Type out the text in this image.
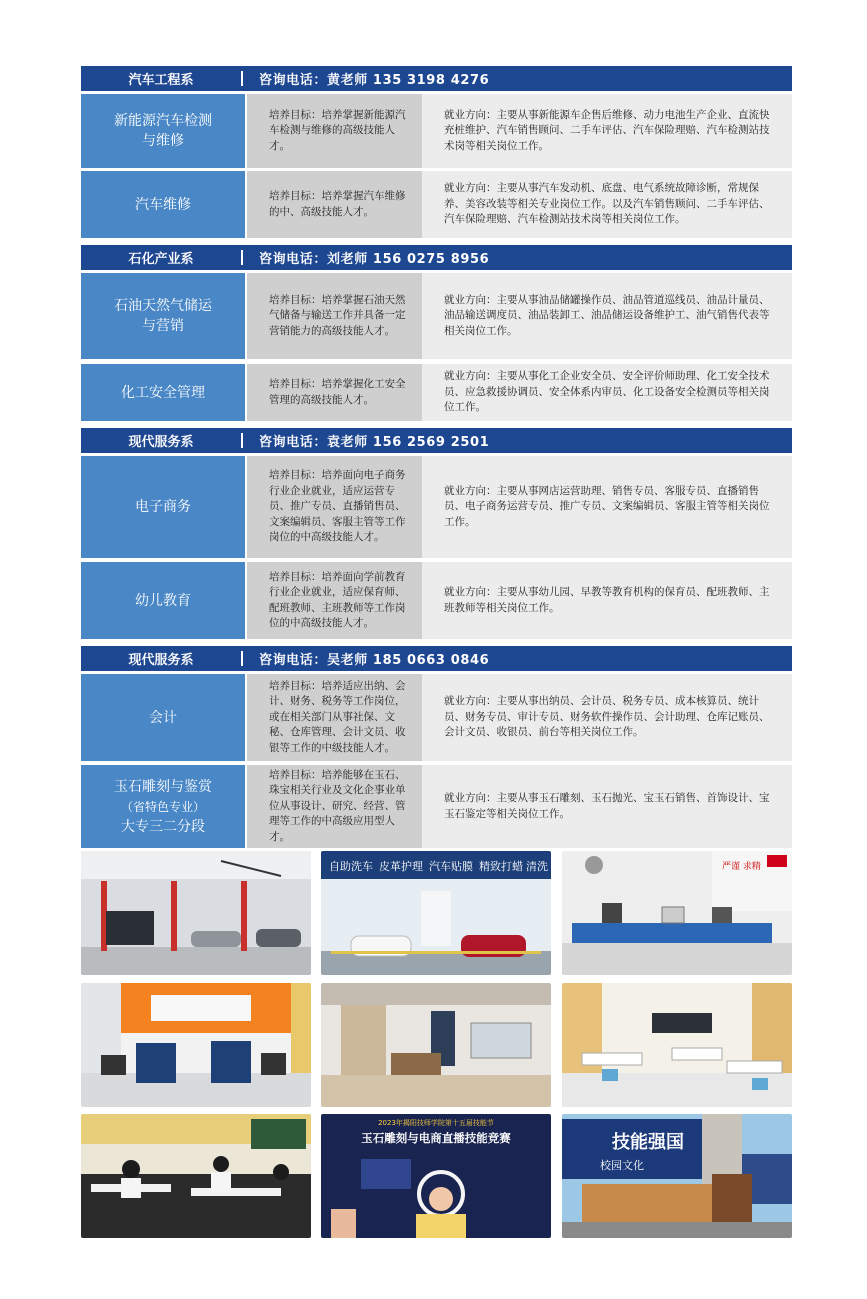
汽车工程系	咨询电话：黄老师 135 3198 4276
新能源汽车检测
与维修
培养目标：培养掌握新能源汽车检测与维修的高级技能人才。
就业方向：主要从事新能源车企售后维修、动力电池生产企业、直流快充桩维护、汽车销售顾问、二手车评估、汽车保险理赔、汽车检测站技术岗等相关岗位工作。
汽车维修
培养目标：培养掌握汽车维修的中、高级技能人才。
就业方向：主要从事汽车发动机、底盘、电气系统故障诊断，常规保养、美容改装等相关专业岗位工作。以及汽车销售顾问、二手车评估、汽车保险理赔、汽车检测站技术岗等相关岗位工作。
石化产业系	咨询电话：刘老师 156 0275 8956
石油天然气储运
与营销
培养目标：培养掌握石油天然气储备与输送工作并具备一定营销能力的高级技能人才。
就业方向：主要从事油品储罐操作员、油品管道巡线员、油品计量员、油品输送调度员、油品装卸工、油品储运设备维护工、油气销售代表等相关岗位工作。
化工安全管理
培养目标：培养掌握化工安全管理的高级技能人才。
就业方向：主要从事化工企业安全员、安全评价师助理、化工安全技术员、应急救援协调员、安全体系内审员、化工设备安全检测员等相关岗位工作。
现代服务系	咨询电话：袁老师 156 2569 2501
电子商务
培养目标：培养面向电子商务行业企业就业，适应运营专员、推广专员、直播销售员、文案编辑员、客服主管等工作岗位的中高级技能人才。
就业方向：主要从事网店运营助理、销售专员、客服专员、直播销售员、电子商务运营专员、推广专员、文案编辑员、客服主管等相关岗位工作。
幼儿教育
培养目标：培养面向学前教育行业企业就业，适应保育师、配班教师、主班教师等工作岗位的中高级技能人才。
就业方向：主要从事幼儿园、早教等教育机构的保育员、配班教师、主班教师等相关岗位工作。
现代服务系	咨询电话：吴老师 185 0663 0846
会计
培养目标：培养适应出纳、会计、财务、税务等工作岗位，或在相关部门从事社保、文秘、仓库管理、会计文员、收银等工作的中级技能人才。
就业方向：主要从事出纳员、会计员、税务专员、成本核算员、统计员、财务专员、审计专员、财务软件操作员、会计助理、仓库记账员、会计文员、收银员、前台等相关岗位工作。
玉石雕刻与鉴赏
（省特色专业）
大专三二分段
培养目标：培养能够在玉石、珠宝相关行业及文化企事业单位从事设计、研究、经营、管理等工作的中高级应用型人才。
就业方向：主要从事玉石雕刻、玉石抛光、宝玉石销售、首饰设计、宝玉石鉴定等相关岗位工作。
自助洗车 皮革护理 汽车贴膜 精致打蜡 清洗	严谨 求精
2023年揭阳技师学院第十五届技能节
玉石雕刻与电商直播技能竞赛	技能强国
校园文化
